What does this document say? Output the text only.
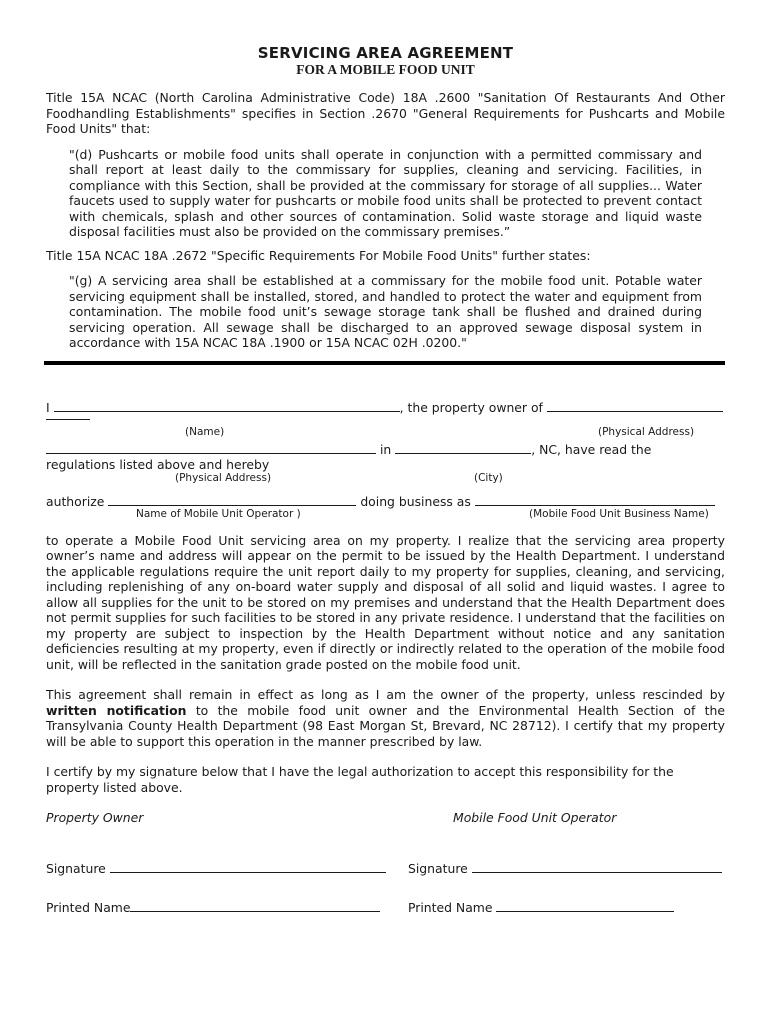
SERVICING AREA AGREEMENT
FOR A MOBILE FOOD UNIT

Title 15A NCAC (North Carolina Administrative Code) 18A .2600 "Sanitation Of Restaurants And Other Foodhandling Establishments" specifies in Section .2670 "General Requirements for Pushcarts and Mobile Food Units" that:

"(d) Pushcarts or mobile food units shall operate in conjunction with a permitted commissary and shall report at least daily to the commissary for supplies, cleaning and servicing. Facilities, in compliance with this Section, shall be provided at the commissary for storage of all supplies... Water faucets used to supply water for pushcarts or mobile food units shall be protected to prevent contact with chemicals, splash and other sources of contamination. Solid waste storage and liquid waste disposal facilities must also be provided on the commissary premises.”

Title 15A NCAC 18A .2672 "Specific Requirements For Mobile Food Units" further states:

"(g) A servicing area shall be established at a commissary for the mobile food unit. Potable water servicing equipment shall be installed, stored, and handled to protect the water and equipment from contamination. The mobile food unit’s sewage storage tank shall be flushed and drained during servicing operation. All sewage shall be discharged to an approved sewage disposal system in accordance with 15A NCAC 18A .1900 or 15A NCAC 02H .0200."

I	, the property owner of
(Name)	(Physical Address)
in	, NC, have read the
regulations listed above and hereby
(Physical Address)	(City)
authorize	doing business as
Name of Mobile Unit Operator )	(Mobile Food Unit Business Name)

to operate a Mobile Food Unit servicing area on my property. I realize that the servicing area property owner’s name and address will appear on the permit to be issued by the Health Department. I understand the applicable regulations require the unit report daily to my property for supplies, cleaning, and servicing, including replenishing of any on-board water supply and disposal of all solid and liquid wastes. I agree to allow all supplies for the unit to be stored on my premises and understand that the Health Department does not permit supplies for such facilities to be stored in any private residence. I understand that the facilities on my property are subject to inspection by the Health Department without notice and any sanitation deficiencies resulting at my property, even if directly or indirectly related to the operation of the mobile food unit, will be reflected in the sanitation grade posted on the mobile food unit.

This agreement shall remain in effect as long as I am the owner of the property, unless rescinded by written notification to the mobile food unit owner and the Environmental Health Section of the Transylvania County Health Department (98 East Morgan St, Brevard, NC 28712). I certify that my property will be able to support this operation in the manner prescribed by law.

I certify by my signature below that I have the legal authorization to accept this responsibility for the property listed above.

Property Owner	Mobile Food Unit Operator
Signature	Signature
Printed Name	Printed Name
